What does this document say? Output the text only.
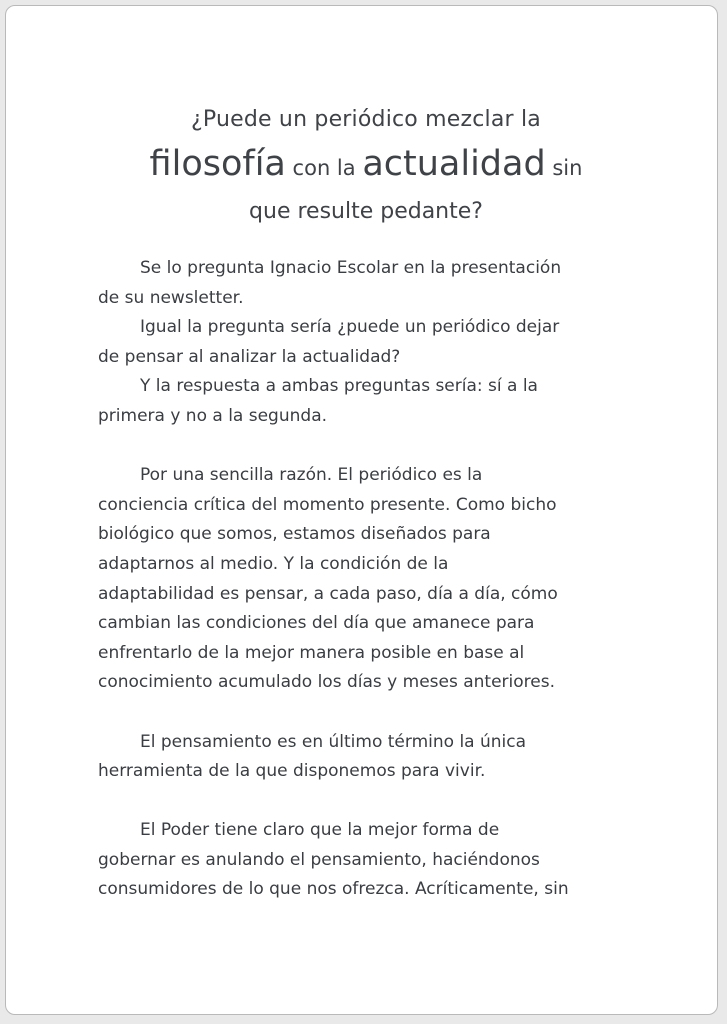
¿Puede un periódico mezclar la
filosofía con la actualidad sin
que resulte pedante?

Se lo pregunta Ignacio Escolar en la presentación
de su newsletter.

Igual la pregunta sería ¿puede un periódico dejar
de pensar al analizar la actualidad?

Y la respuesta a ambas preguntas sería: sí a la
primera y no a la segunda.

Por una sencilla razón. El periódico es la
conciencia crítica del momento presente. Como bicho
biológico que somos, estamos diseñados para
adaptarnos al medio. Y la condición de la
adaptabilidad es pensar, a cada paso, día a día, cómo
cambian las condiciones del día que amanece para
enfrentarlo de la mejor manera posible en base al
conocimiento acumulado los días y meses anteriores.

El pensamiento es en último término la única
herramienta de la que disponemos para vivir.

El Poder tiene claro que la mejor forma de
gobernar es anulando el pensamiento, haciéndonos
consumidores de lo que nos ofrezca. Acríticamente, sin
